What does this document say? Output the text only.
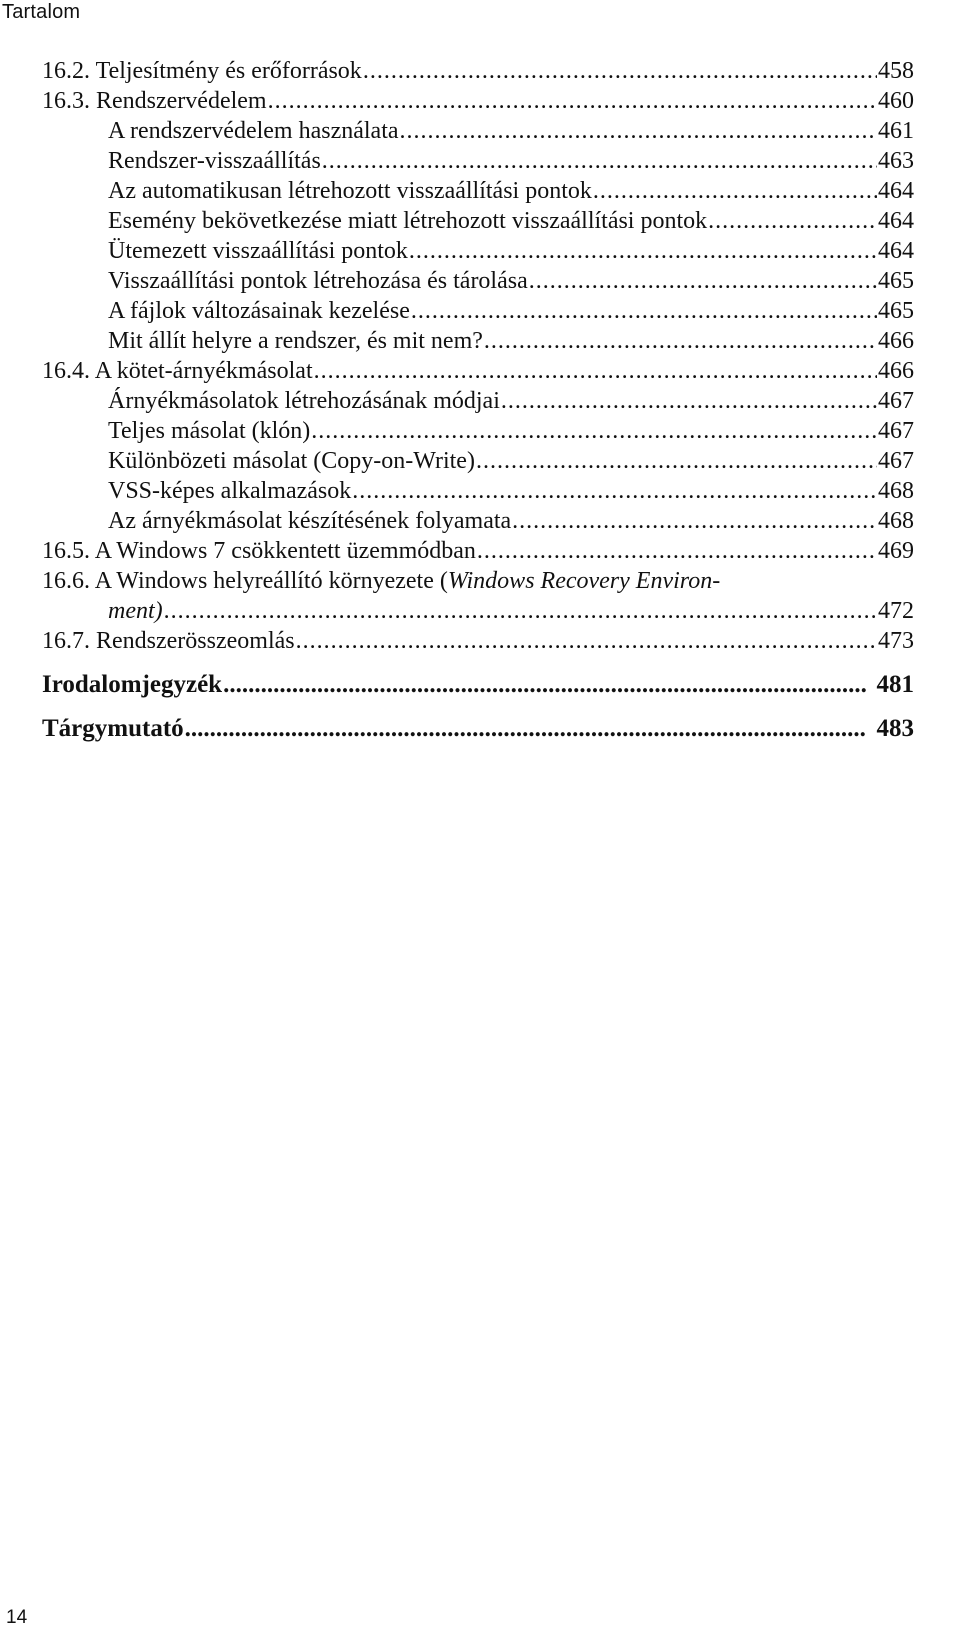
Tartalom
16.2. Teljesítmény és erőforrások .....	458
16.3. Rendszervédelem .....	460
A rendszervédelem használata .....	461
Rendszer-visszaállítás .....	463
Az automatikusan létrehozott visszaállítási pontok .....	464
Esemény bekövetkezése miatt létrehozott visszaállítási pontok .....	464
Ütemezett visszaállítási pontok .....	464
Visszaállítási pontok létrehozása és tárolása .....	465
A fájlok változásainak kezelése .....	465
Mit állít helyre a rendszer, és mit nem? .....	466
16.4. A kötet-árnyékmásolat .....	466
Árnyékmásolatok létrehozásának módjai .....	467
Teljes másolat (klón) .....	467
Különbözeti másolat (Copy-on-Write) .....	467
VSS-képes alkalmazások .....	468
Az árnyékmásolat készítésének folyamata .....	468
16.5. A Windows 7 csökkentett üzemmódban .....	469
16.6. A Windows helyreállító környezete (Windows Recovery Environ-
ment) .....	472
16.7. Rendszerösszeomlás .....	473
Irodalomjegyzék .....	481
Tárgymutató .....	483
14
